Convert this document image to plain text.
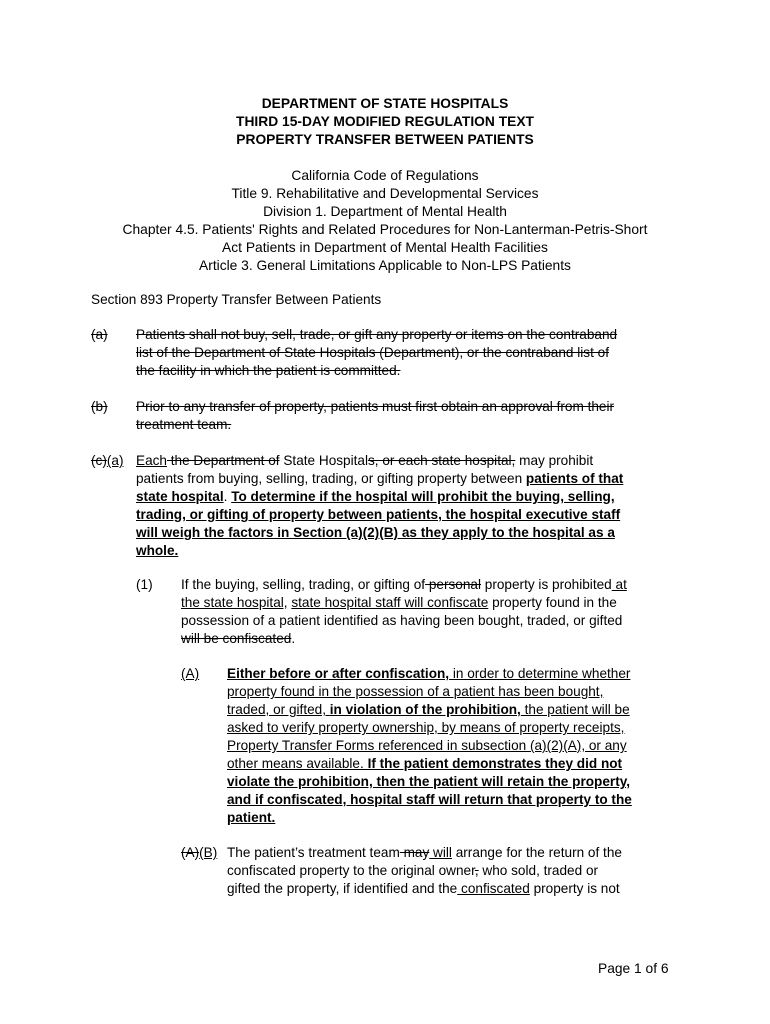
DEPARTMENT OF STATE HOSPITALS
THIRD 15-DAY MODIFIED REGULATION TEXT
PROPERTY TRANSFER BETWEEN PATIENTS
California Code of Regulations
Title 9. Rehabilitative and Developmental Services
Division 1. Department of Mental Health
Chapter 4.5. Patients' Rights and Related Procedures for Non-Lanterman-Petris-Short
Act Patients in Department of Mental Health Facilities
Article 3. General Limitations Applicable to Non-LPS Patients
Section 893 Property Transfer Between Patients
(a) Patients shall not buy, sell, trade, or gift any property or items on the contraband
list of the Department of State Hospitals (Department), or the contraband list of
the facility in which the patient is committed.
(b) Prior to any transfer of property, patients must first obtain an approval from their
treatment team.
(c)(a) Each the Department of State Hospitals, or each state hospital, may prohibit
patients from buying, selling, trading, or gifting property between patients of that
state hospital. To determine if the hospital will prohibit the buying, selling,
trading, or gifting of property between patients, the hospital executive staff
will weigh the factors in Section (a)(2)(B) as they apply to the hospital as a
whole.
(1) If the buying, selling, trading, or gifting of personal property is prohibited at
the state hospital, state hospital staff will confiscate property found in the
possession of a patient identified as having been bought, traded, or gifted
will be confiscated.
(A) Either before or after confiscation, in order to determine whether
property found in the possession of a patient has been bought,
traded, or gifted, in violation of the prohibition, the patient will be
asked to verify property ownership, by means of property receipts,
Property Transfer Forms referenced in subsection (a)(2)(A), or any
other means available. If the patient demonstrates they did not
violate the prohibition, then the patient will retain the property,
and if confiscated, hospital staff will return that property to the
patient.
(A)(B) The patient’s treatment team may will arrange for the return of the
confiscated property to the original owner, who sold, traded or
gifted the property, if identified and the confiscated property is not
Page 1 of 6
